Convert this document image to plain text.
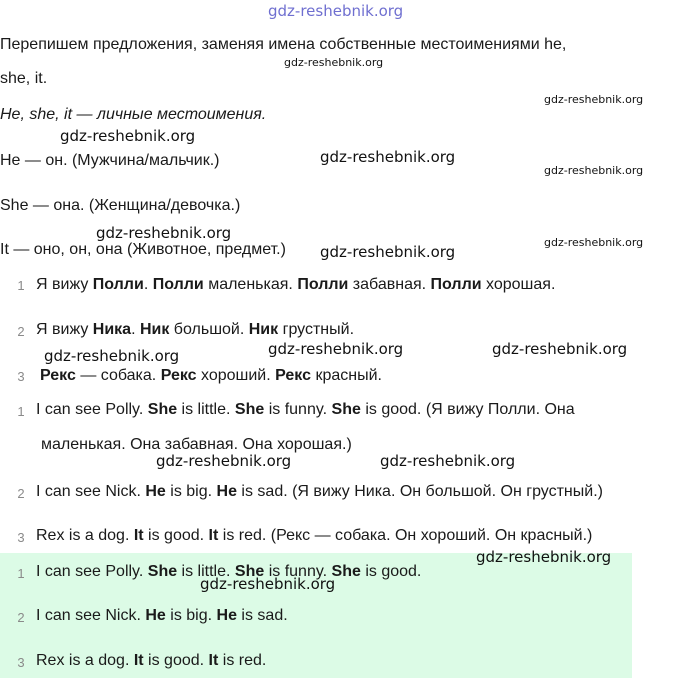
gdz-reshebnik.org
Перепишем предложения, заменяя имена собственные местоимениями he,
she, it.
He, she, it — личные местоимения.
He — он. (Мужчина/мальчик.)
She — она. (Женщина/девочка.)
It — оно, он, она (Животное, предмет.)
1 Я вижу Полли. Полли маленькая. Полли забавная. Полли хорошая.
2 Я вижу Ника. Ник большой. Ник грустный.
3 Рекс — собака. Рекс хороший. Рекс красный.
1 I can see Polly. She is little. She is funny. She is good. (Я вижу Полли. Она
маленькая. Она забавная. Она хорошая.)
2 I can see Nick. He is big. He is sad. (Я вижу Ника. Он большой. Он грустный.)
3 Rex is a dog. It is good. It is red. (Рекс — собака. Он хороший. Он красный.)
1 I can see Polly. She is little. She is funny. She is good.
2 I can see Nick. He is big. He is sad.
3 Rex is a dog. It is good. It is red.
gdz-reshebnik.org
gdz-reshebnik.org
gdz-reshebnik.org
gdz-reshebnik.org
gdz-reshebnik.org
gdz-reshebnik.org
gdz-reshebnik.org
gdz-reshebnik.org
gdz-reshebnik.org	gdz-reshebnik.org
gdz-reshebnik.org
gdz-reshebnik.org	gdz-reshebnik.org
gdz-reshebnik.org
gdz-reshebnik.org
